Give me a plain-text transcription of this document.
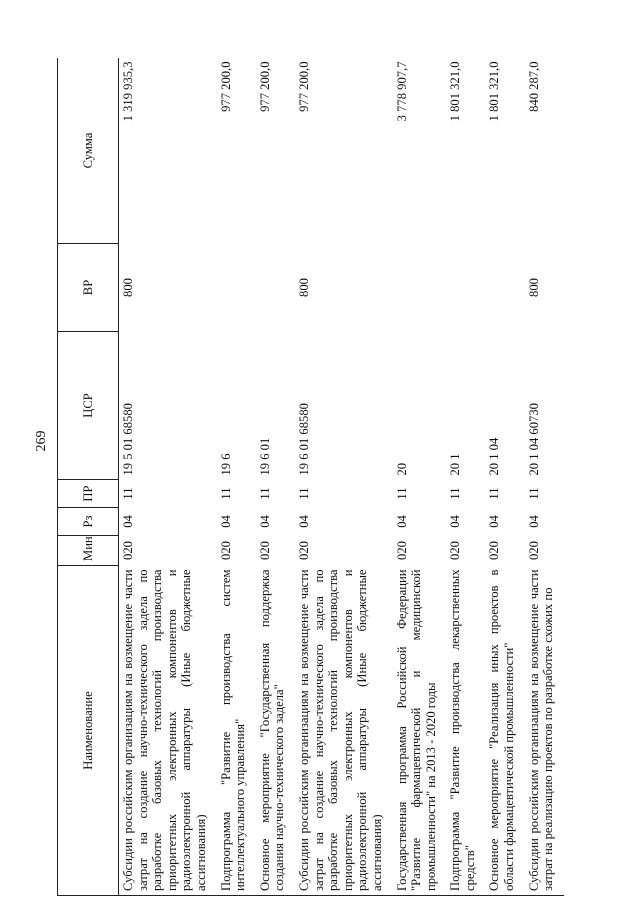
269
Наименование	Мин	Рз	ПР	ЦСР	ВР	Сумма
Субсидии российским организациям на возмещение части затрат на создание научно-технического задела по разработке базовых технологий производства приоритетных электронных компонентов и радиоэлектронной аппаратуры (Иные бюджетные ассигнования)	020	04	11	19 5 01 68580	800	1 319 935,3
Подпрограмма "Развитие производства систем интеллектуального управления"	020	04	11	19 6		977 200,0
Основное мероприятие "Государственная поддержка создания научно-технического задела"	020	04	11	19 6 01		977 200,0
Субсидии российским организациям на возмещение части затрат на создание научно-технического задела по разработке базовых технологий производства приоритетных электронных компонентов и радиоэлектронной аппаратуры (Иные бюджетные ассигнования)	020	04	11	19 6 01 68580	800	977 200,0
Государственная программа Российской Федерации "Развитие фармацевтической и медицинской промышленности" на 2013 - 2020 годы	020	04	11	20		3 778 907,7
Подпрограмма "Развитие производства лекарственных средств"	020	04	11	20 1		1 801 321,0
Основное мероприятие "Реализация иных проектов в области фармацевтической промышленности"	020	04	11	20 1 04		1 801 321,0
Субсидии российским организациям на возмещение части затрат на реализацию проектов по разработке схожих по	020	04	11	20 1 04 60730	800	840 287,0
